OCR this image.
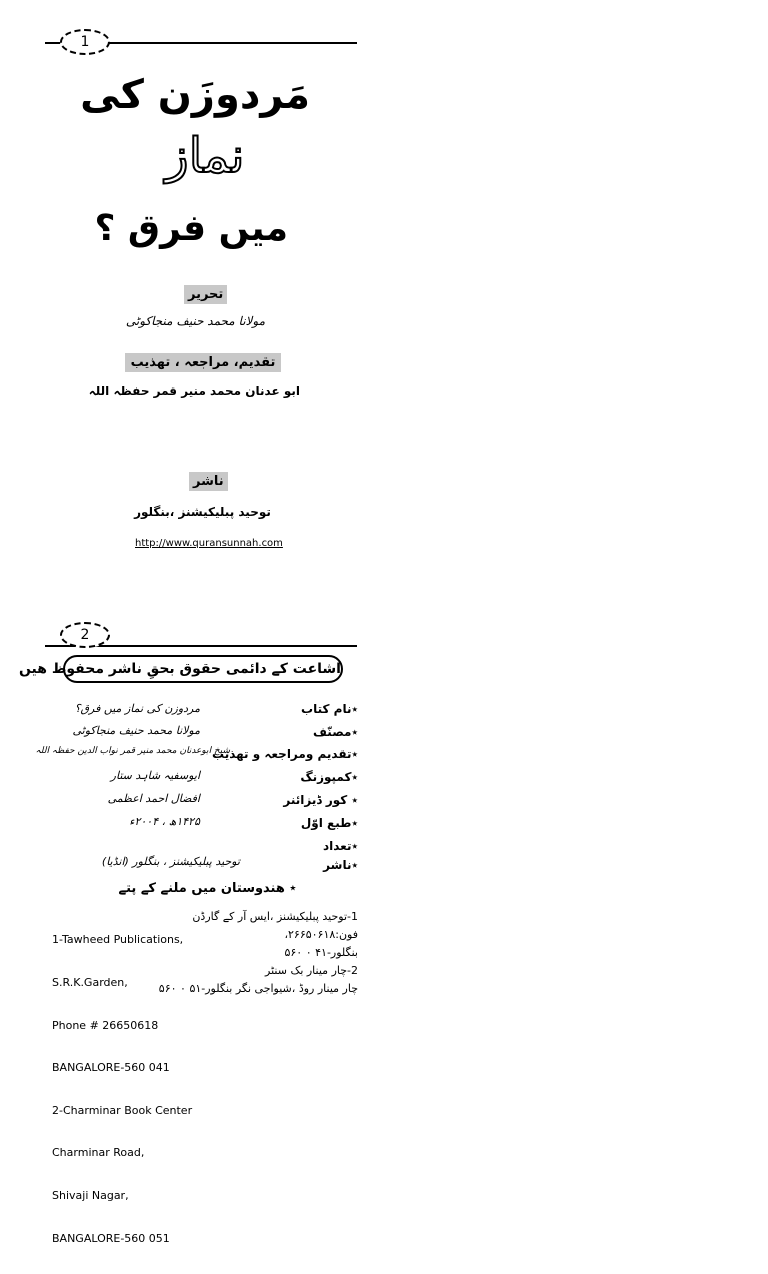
1
مَردوزَن کی
نماز
میں فرق ؟
تحریر
مولانا محمد حنیف منجاکوٹی
تقدیم، مراجعہ ، تھذیب
ابو عدنان محمد منیر قمر حفظہ اللہ
ناشر
توحید پبلیکیشنز ،بنگلور
http://www.quransunnah.com
2
اشاعت کے دائمی حقوق بحقِ ناشر محفوظ ھیں
٭نام کتاب
مردوزن کی نماز میں فرق؟
٭مصنّف
مولانا محمد حنیف منجاکوٹی
٭تقدیم ومراجعہ و تھذیب
شیخ ابوعدنان محمد منیر قمر نواب الدین حفظہ اللہ
٭کمپوزنگ
ایوسفیہ شاہد ستار
٭ کور ڈیزائنر
افضال احمد اعظمی
٭طبع اوّل
۱۴۲۵ھ ، ۲۰۰۴ء
٭تعداد
٭ناشر
توحید پبلیکیشنز ، بنگلور (انڈیا)
٭ ھندوستان میں ملنے کے پتے

1-Tawheed Publications,

S.R.K.Garden,

Phone # 26650618

BANGALORE-560 041

2-Charminar Book Center

Charminar Road,

Shivaji Nagar,

BANGALORE-560 051

1-توحید پبلیکیشنز ،ایس آر کے گارڈن
فون:۲۶۶۵۰۶۱۸،
بنگلور-۴۱ ۰ ۵۶۰
2-چار مینار بک سنٹر
چار مینار روڈ ،شیواجی نگر بنگلور-۵۱ ۰ ۵۶۰
